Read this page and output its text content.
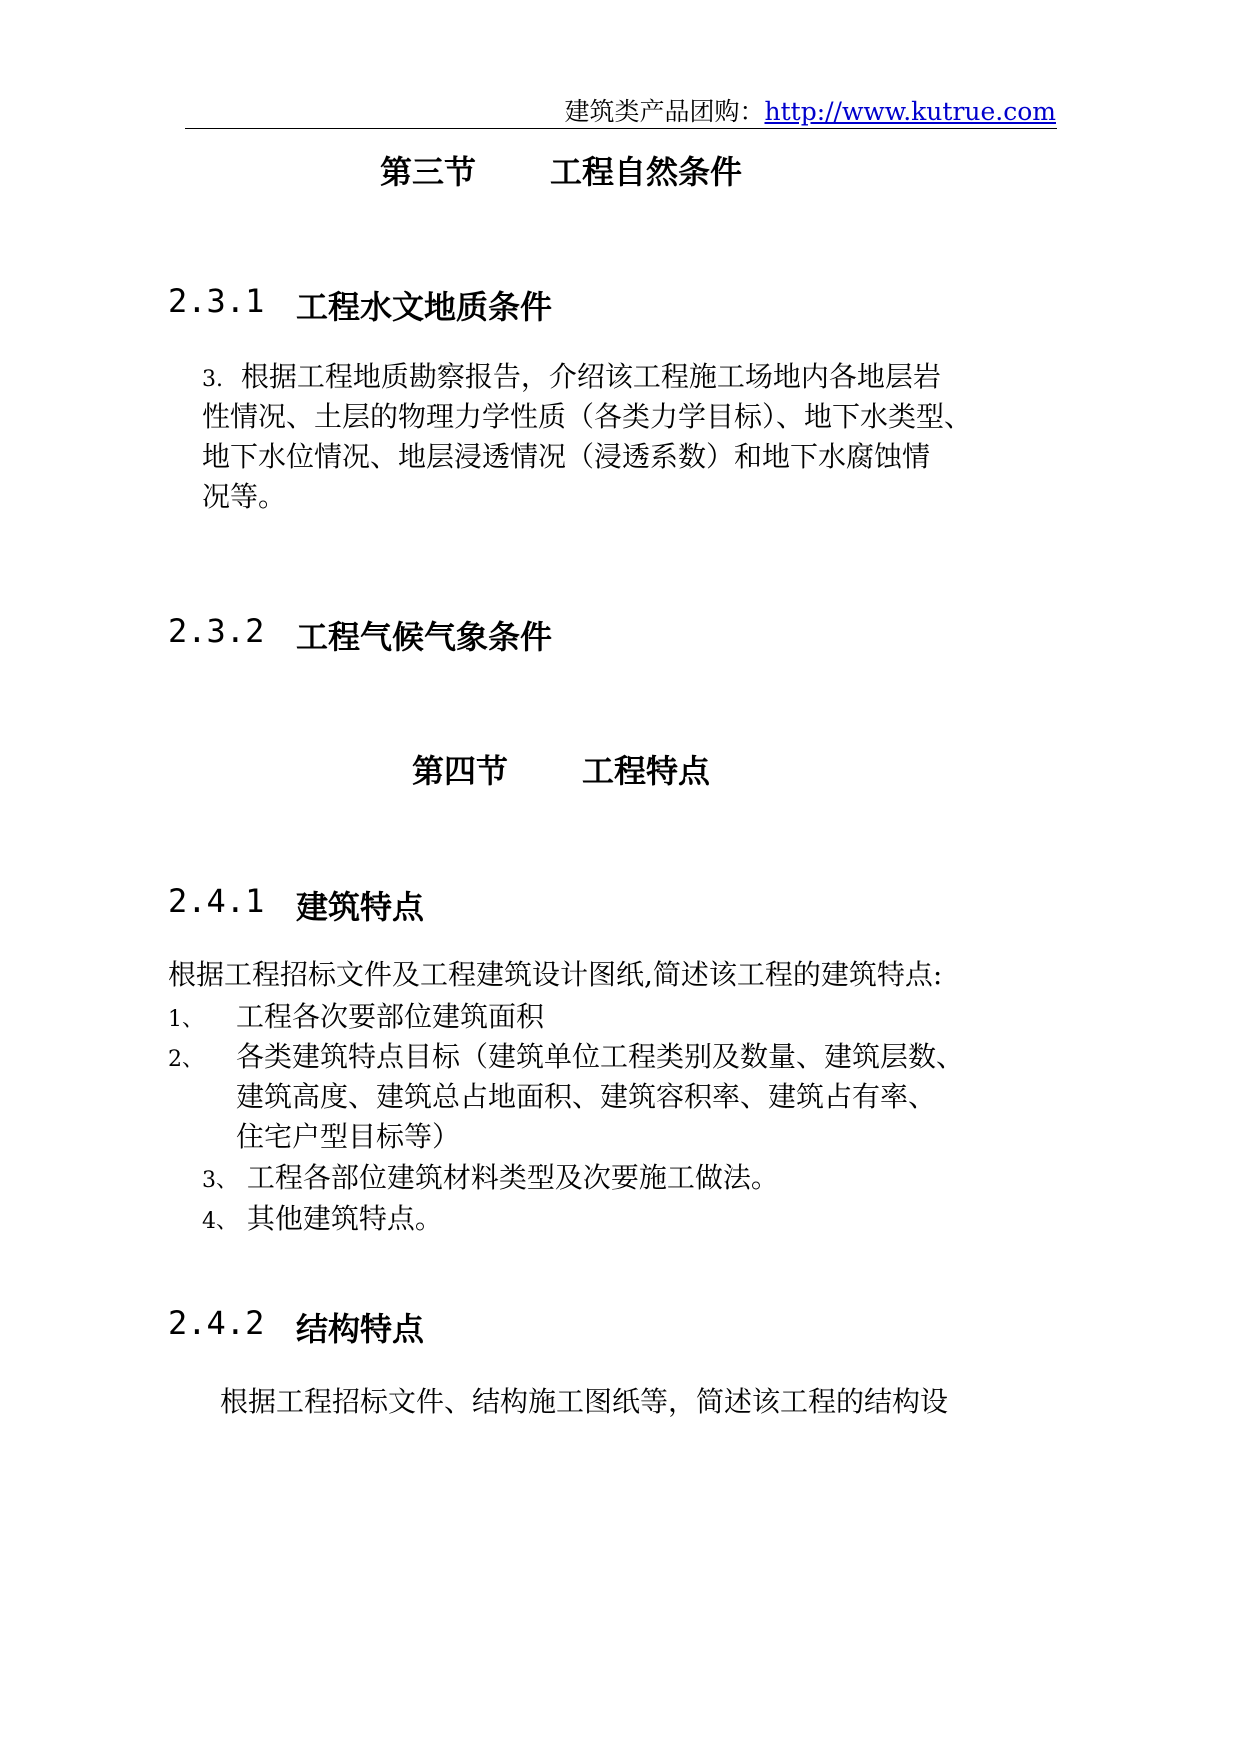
建筑类产品团购：http://www.kutrue.com
第三节 工程自然条件
2.3.1 工程水文地质条件
3. 根据工程地质勘察报告，介绍该工程施工场地内各地层岩
性情况、土层的物理力学性质（各类力学目标）、地下水类型、
地下水位情况、地层浸透情况（浸透系数）和地下水腐蚀情
况等。
2.3.2 工程气候气象条件
第四节 工程特点
2.4.1 建筑特点
根据工程招标文件及工程建筑设计图纸,简述该工程的建筑特点:
1、 工程各次要部位建筑面积
2、 各类建筑特点目标（建筑单位工程类别及数量、建筑层数、
建筑高度、建筑总占地面积、建筑容积率、建筑占有率、
住宅户型目标等）
3、 工程各部位建筑材料类型及次要施工做法。
4、 其他建筑特点。
2.4.2 结构特点
根据工程招标文件、结构施工图纸等，简述该工程的结构设
